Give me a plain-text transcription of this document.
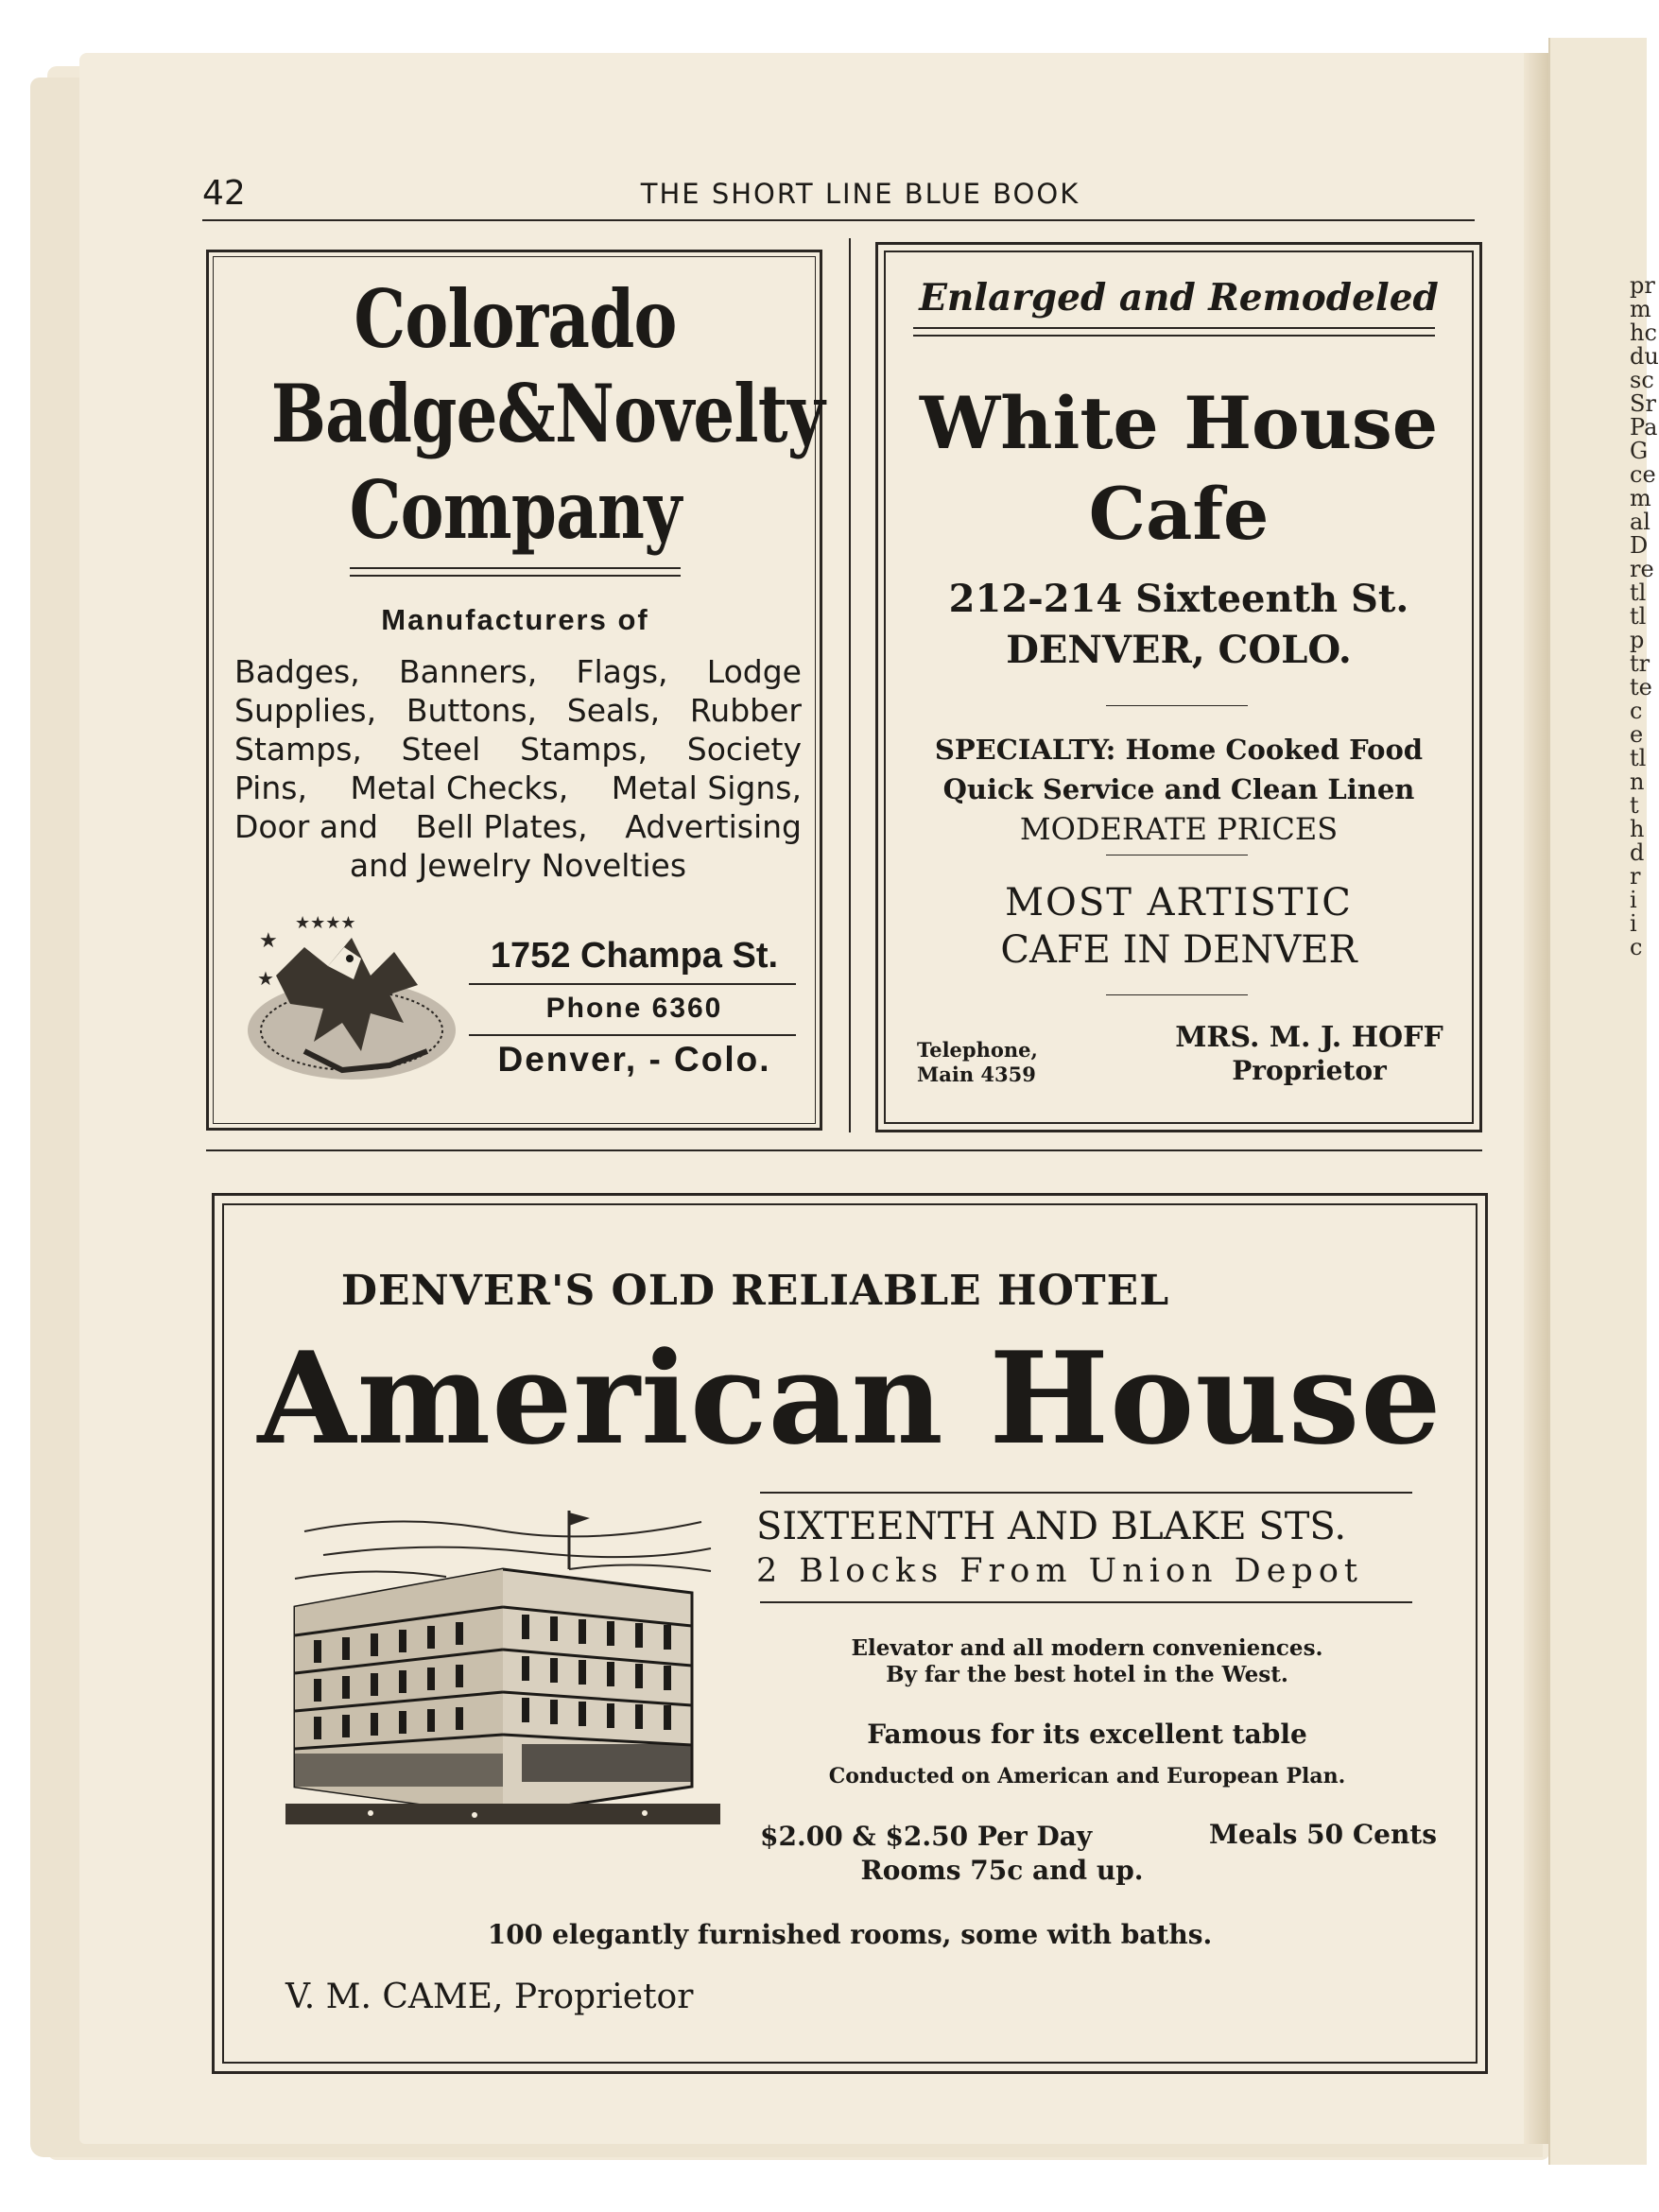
pr
m
hc
du
sc
Sr
Pa
G
ce
m
al
D
re
tl
tl
p
tr
te
c
e
tl
n
t
h
d
r
i
i
c
42	THE SHORT LINE BLUE BOOK
Colorado
Badge&Novelty
Company
Manufacturers of
Badges, Banners, Flags, Lodge
Supplies, Buttons, Seals, Rubber
Stamps, Steel Stamps, Society
Pins, Metal Checks, Metal Signs,
Door and Bell Plates, Advertising
and Jewelry Novelties
★
★★★★
★
1752 Champa St.
Phone 6360
Denver, - Colo.
Enlarged and Remodeled
White House
Cafe
212-214 Sixteenth St.
DENVER, COLO.
SPECIALTY: Home Cooked Food
Quick Service and Clean Linen
MODERATE PRICES
MOST ARTISTIC
CAFE IN DENVER
Telephone,
Main 4359
MRS. M. J. HOFF
Proprietor
DENVER'S OLD RELIABLE HOTEL
American House
SIXTEENTH AND BLAKE STS.
2 Blocks From Union Depot
Elevator and all modern conveniences.
By far the best hotel in the West.
Famous for its excellent table
Conducted on American and European Plan.
$2.00 & $2.50 Per Day	Meals 50 Cents
Rooms 75c and up.
100 elegantly furnished rooms, some with baths.
V. M. CAME, Proprietor
